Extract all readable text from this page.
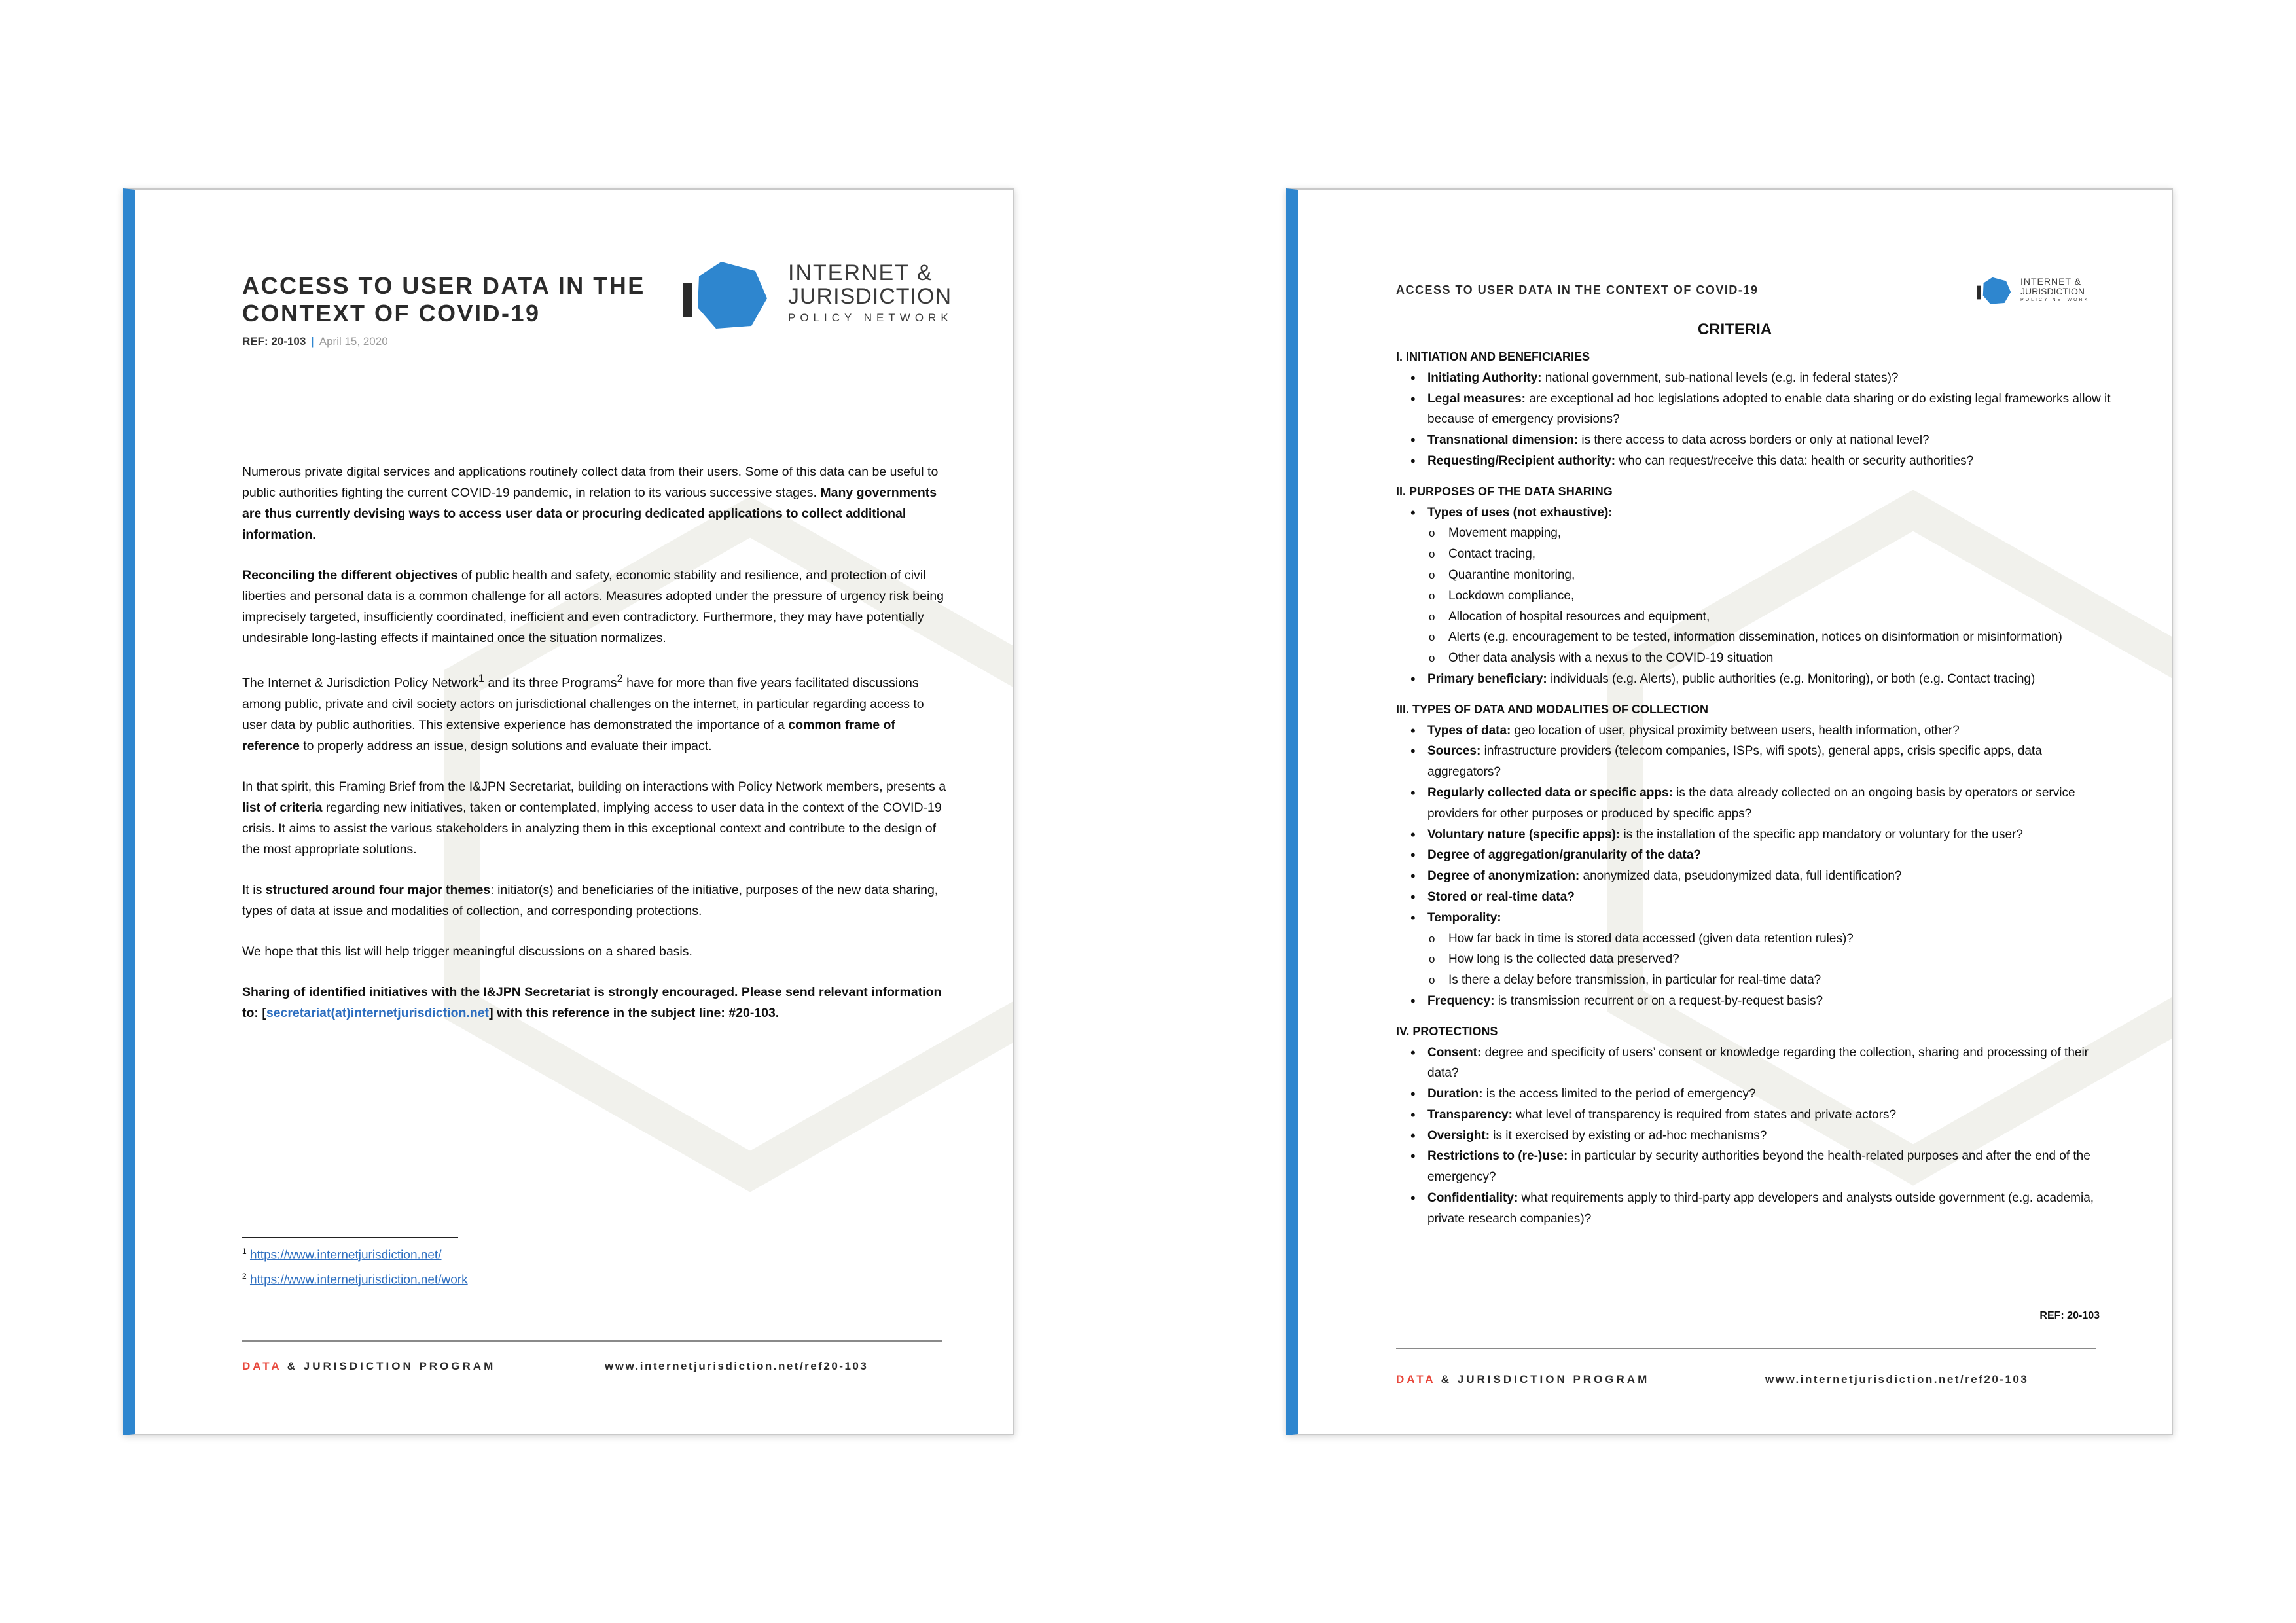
ACCESS TO USER DATA IN THE
CONTEXT OF COVID-19
REF: 20-103 | April 15, 2020
INTERNET &
JURISDICTION
POLICY NETWORK

Numerous private digital services and applications routinely collect data from their users. Some of this data can be useful to public authorities fighting the current COVID-19 pandemic, in relation to its various successive stages. Many governments are thus currently devising ways to access user data or procuring dedicated applications to collect additional information.

Reconciling the different objectives of public health and safety, economic stability and resilience, and protection of civil liberties and personal data is a common challenge for all actors. Measures adopted under the pressure of urgency risk being imprecisely targeted, insufficiently coordinated, inefficient and even contradictory. Furthermore, they may have potentially undesirable long-lasting effects if maintained once the situation normalizes.

The Internet & Jurisdiction Policy Network$^1$ and its three Programs$^2$ have for more than five years facilitated discussions among public, private and civil society actors on jurisdictional challenges on the internet, in particular regarding access to user data by public authorities. This extensive experience has demonstrated the importance of a common frame of reference to properly address an issue, design solutions and evaluate their impact.

In that spirit, this Framing Brief from the I&JPN Secretariat, building on interactions with Policy Network members, presents a list of criteria regarding new initiatives, taken or contemplated, implying access to user data in the context of the COVID-19 crisis. It aims to assist the various stakeholders in analyzing them in this exceptional context and contribute to the design of the most appropriate solutions.

It is structured around four major themes: initiator(s) and beneficiaries of the initiative, purposes of the new data sharing, types of data at issue and modalities of collection, and corresponding protections.

We hope that this list will help trigger meaningful discussions on a shared basis.

Sharing of identified initiatives with the I&JPN Secretariat is strongly encouraged. Please send relevant information to: [secretariat(at)internetjurisdiction.net] with this reference in the subject line: #20-103.

$^1$ https://www.internetjurisdiction.net/
$^2$ https://www.internetjurisdiction.net/work
DATA & JURISDICTION PROGRAM	www.internetjurisdiction.net/ref20-103
ACCESS TO USER DATA IN THE CONTEXT OF COVID-19
INTERNET &
JURISDICTION
POLICY NETWORK
CRITERIA
I. INITIATION AND BENEFICIARIES
• Initiating Authority: national government, sub-national levels (e.g. in federal states)?
• Legal measures: are exceptional ad hoc legislations adopted to enable data sharing or do existing legal frameworks allow it because of emergency provisions?
• Transnational dimension: is there access to data across borders or only at national level?
• Requesting/Recipient authority: who can request/receive this data: health or security authorities?
II. PURPOSES OF THE DATA SHARING
• Types of uses (not exhaustive):
o Movement mapping,
o Contact tracing,
o Quarantine monitoring,
o Lockdown compliance,
o Allocation of hospital resources and equipment,
o Alerts (e.g. encouragement to be tested, information dissemination, notices on disinformation or misinformation)
o Other data analysis with a nexus to the COVID-19 situation
• Primary beneficiary: individuals (e.g. Alerts), public authorities (e.g. Monitoring), or both (e.g. Contact tracing)
III. TYPES OF DATA AND MODALITIES OF COLLECTION
• Types of data: geo location of user, physical proximity between users, health information, other?
• Sources: infrastructure providers (telecom companies, ISPs, wifi spots), general apps, crisis specific apps, data aggregators?
• Regularly collected data or specific apps: is the data already collected on an ongoing basis by operators or service providers for other purposes or produced by specific apps?
• Voluntary nature (specific apps): is the installation of the specific app mandatory or voluntary for the user?
• Degree of aggregation/granularity of the data?
• Degree of anonymization: anonymized data, pseudonymized data, full identification?
• Stored or real-time data?
• Temporality:
o How far back in time is stored data accessed (given data retention rules)?
o How long is the collected data preserved?
o Is there a delay before transmission, in particular for real-time data?
• Frequency: is transmission recurrent or on a request-by-request basis?
IV. PROTECTIONS
• Consent: degree and specificity of users’ consent or knowledge regarding the collection, sharing and processing of their data?
• Duration: is the access limited to the period of emergency?
• Transparency: what level of transparency is required from states and private actors?
• Oversight: is it exercised by existing or ad-hoc mechanisms?
• Restrictions to (re-)use: in particular by security authorities beyond the health-related purposes and after the end of the emergency?
• Confidentiality: what requirements apply to third-party app developers and analysts outside government (e.g. academia, private research companies)?
REF: 20-103
DATA & JURISDICTION PROGRAM	www.internetjurisdiction.net/ref20-103
